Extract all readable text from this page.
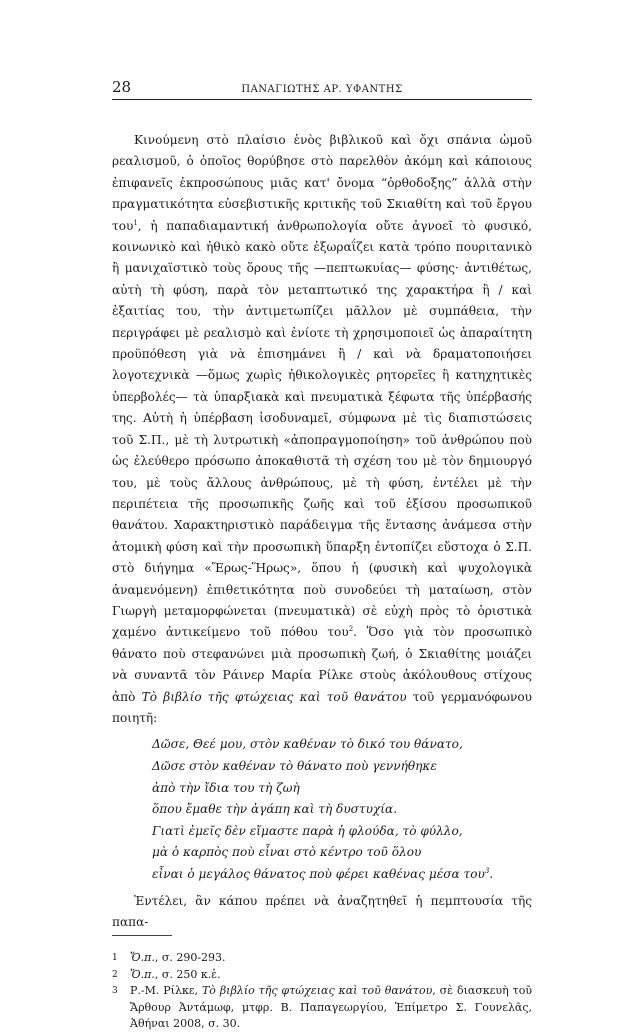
28	ΠΑΝΑΓΙΩΤΗΣ ΑΡ. ΥΦΑΝΤΗΣ

Κινούμενη στὸ πλαίσιο ἑνὸς βιβλικοῦ καὶ ὄχι σπάνια ὠμοῦ ρεαλισμοῦ, ὁ ὁποῖος θορύβησε στὸ παρελθὸν ἀκόμη καὶ κάποιους ἐπιφανεῖς ἐκπροσώπους μιᾶς κατ' ὄνομα “ὀρθοδοξης” ἀλλὰ στὴν πραγματικότητα εὐσεβιστικῆς κριτικῆς τοῦ Σκιαθίτη καὶ τοῦ ἔργου του$^1$, ἡ παπαδιαμαντική ἀνθρωπολογία οὔτε ἀγνοεῖ τὸ φυσικό, κοινωνικὸ καὶ ἠθικὸ κακὸ οὔτε ἐξωραΐζει κατὰ τρόπο πουριτανικὸ ἢ μανιχαϊστικὸ τοὺς ὅρους τῆς —πεπτωκυίας— φύσης· ἀντιθέτως, αὐτὴ τὴ φύση, παρὰ τὸν μεταπτωτικό της χαρακτήρα ἢ / καὶ ἐξαιτίας του, τὴν ἀντιμετωπίζει μᾶλλον μὲ συμπάθεια, τὴν περιγράφει μὲ ρεαλισμὸ καὶ ἐνίοτε τὴ χρησιμοποιεῖ ὡς ἀπαραίτητη προϋπόθεση γιὰ νὰ ἐπισημάνει ἢ / καὶ νὰ δραματοποιήσει λογοτεχνικὰ —ὅμως χωρὶς ἠθικολογικὲς ρητορεῖες ἢ κατηχητικὲς ὑπερβολές— τὰ ὑπαρξιακὰ καὶ πνευματικὰ ξέφωτα τῆς ὑπέρβασής της. Αὐτὴ ἡ ὑπέρβαση ἰσοδυναμεῖ, σύμφωνα μὲ τὶς διαπιστώσεις τοῦ Σ.Π., μὲ τὴ λυτρωτικὴ «ἀποπραγμοποίηση» τοῦ ἀνθρώπου ποὺ ὡς ἐλεύθερο πρόσωπο ἀποκαθιστᾶ τὴ σχέση του μὲ τὸν δημιουργό του, μὲ τοὺς ἄλλους ἀνθρώπους, μὲ τὴ φύση, ἐντέλει μὲ τὴν περιπέτεια τῆς προσωπικῆς ζωῆς καὶ τοῦ ἐξίσου προσωπικοῦ θανάτου. Χαρακτηριστικὸ παράδειγμα τῆς ἔντασης ἀνάμεσα στὴν ἀτομικὴ φύση καὶ τὴν προσωπικὴ ὕπαρξη ἐντοπίζει εὔστοχα ὁ Σ.Π. στὸ διήγημα «Ἔρως-Ἥρως», ὅπου ἡ (φυσικὴ καὶ ψυχολογικὰ ἀναμενόμενη) ἐπιθετικότητα ποὺ συνοδεύει τὴ ματαίωση, στὸν Γιωργὴ μεταμορφώνεται (πνευματικὰ) σὲ εὐχὴ πρὸς τὸ ὁριστικὰ χαμένο ἀντικείμενο τοῦ πόθου του$^2$. Ὅσο γιὰ τὸν προσωπικὸ θάνατο ποὺ στεφανώνει μιὰ προσωπικὴ ζωή, ὁ Σκιαθίτης μοιάζει νὰ συναντᾶ τὸν Ράινερ Μαρία Ρίλκε στοὺς ἀκόλουθους στίχους ἀπὸ Τὸ βιβλίο τῆς φτώχειας καὶ τοῦ θανάτου τοῦ γερμανόφωνου ποιητῆ:

Δῶσε, Θεέ μου, στὸν καθέναν τὸ δικό του θάνατο,
Δῶσε στὸν καθέναν τὸ θάνατο ποὺ γεννήθηκε
ἀπὸ τὴν ἴδια του τὴ ζωὴ
ὅπου ἔμαθε τὴν ἀγάπη καὶ τὴ δυστυχία.
Γιατὶ ἐμεῖς δὲν εἴμαστε παρὰ ἡ φλούδα, τὸ φύλλο,
μὰ ὁ καρπὸς ποὺ εἶναι στὸ κέντρο τοῦ ὅλου
εἶναι ὁ μεγάλος θάνατος ποὺ φέρει καθένας μέσα του$^3$.

Ἐντέλει, ἂν κάπου πρέπει νὰ ἀναζητηθεῖ ἡ πεμπτουσία τῆς παπα-

1	Ὅ.π., σ. 290-293.
2	Ὅ.π., σ. 250 κ.ἑ.
3	Ρ.-Μ. Ρίλκε, Τὸ βιβλίο τῆς φτώχειας καὶ τοῦ θανάτου, σὲ διασκευὴ τοῦ Ἄρθουρ Ἀντάμωφ, μτφρ. Β. Παπαγεωργίου, Ἐπίμετρο Σ. Γουνελᾶς, Ἀθήναι 2008, σ. 30.
